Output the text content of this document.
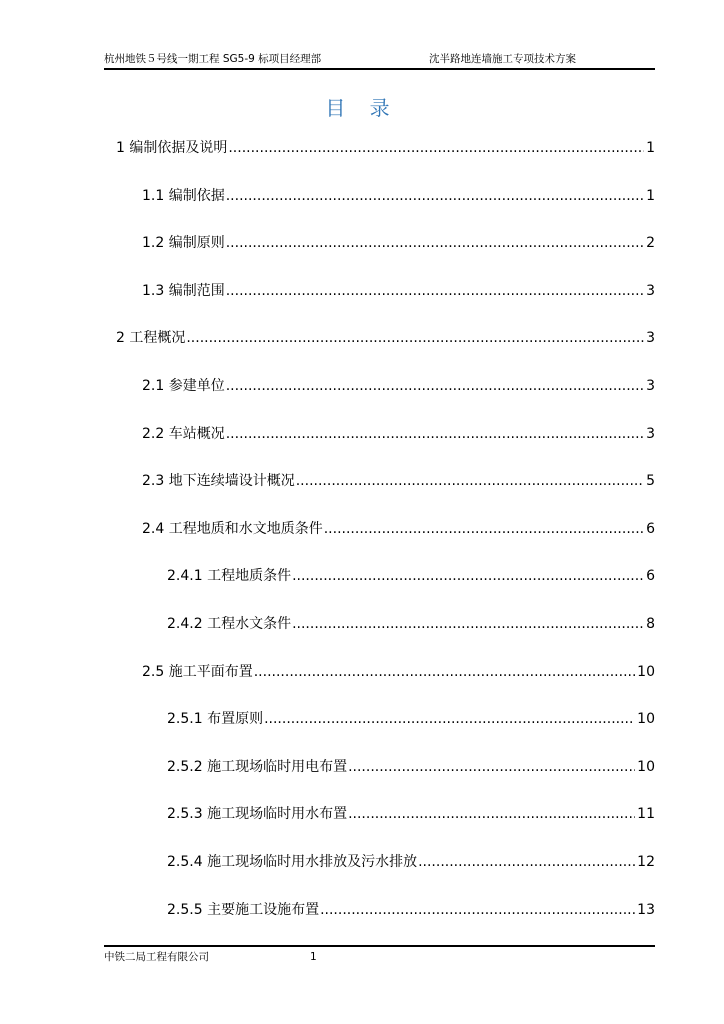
杭州地铁５号线一期工程 SG5-9 标项目经理部	沈半路地连墙施工专项技术方案
目 录
1 编制依据及说明 .....	1
1.1 编制依据 .....	1
1.2 编制原则 .....	2
1.3 编制范围 .....	3
2 工程概况 .....	3
2.1 参建单位 .....	3
2.2 车站概况 .....	3
2.3 地下连续墙设计概况 .....	5
2.4 工程地质和水文地质条件 .....	6
2.4.1 工程地质条件 .....	6
2.4.2 工程水文条件 .....	8
2.5 施工平面布置 .....	10
2.5.1 布置原则 .....	10
2.5.2 施工现场临时用电布置 .....	10
2.5.3 施工现场临时用水布置 .....	11
2.5.4 施工现场临时用水排放及污水排放 .....	12
2.5.5 主要施工设施布置 .....	13
中铁二局工程有限公司	1
